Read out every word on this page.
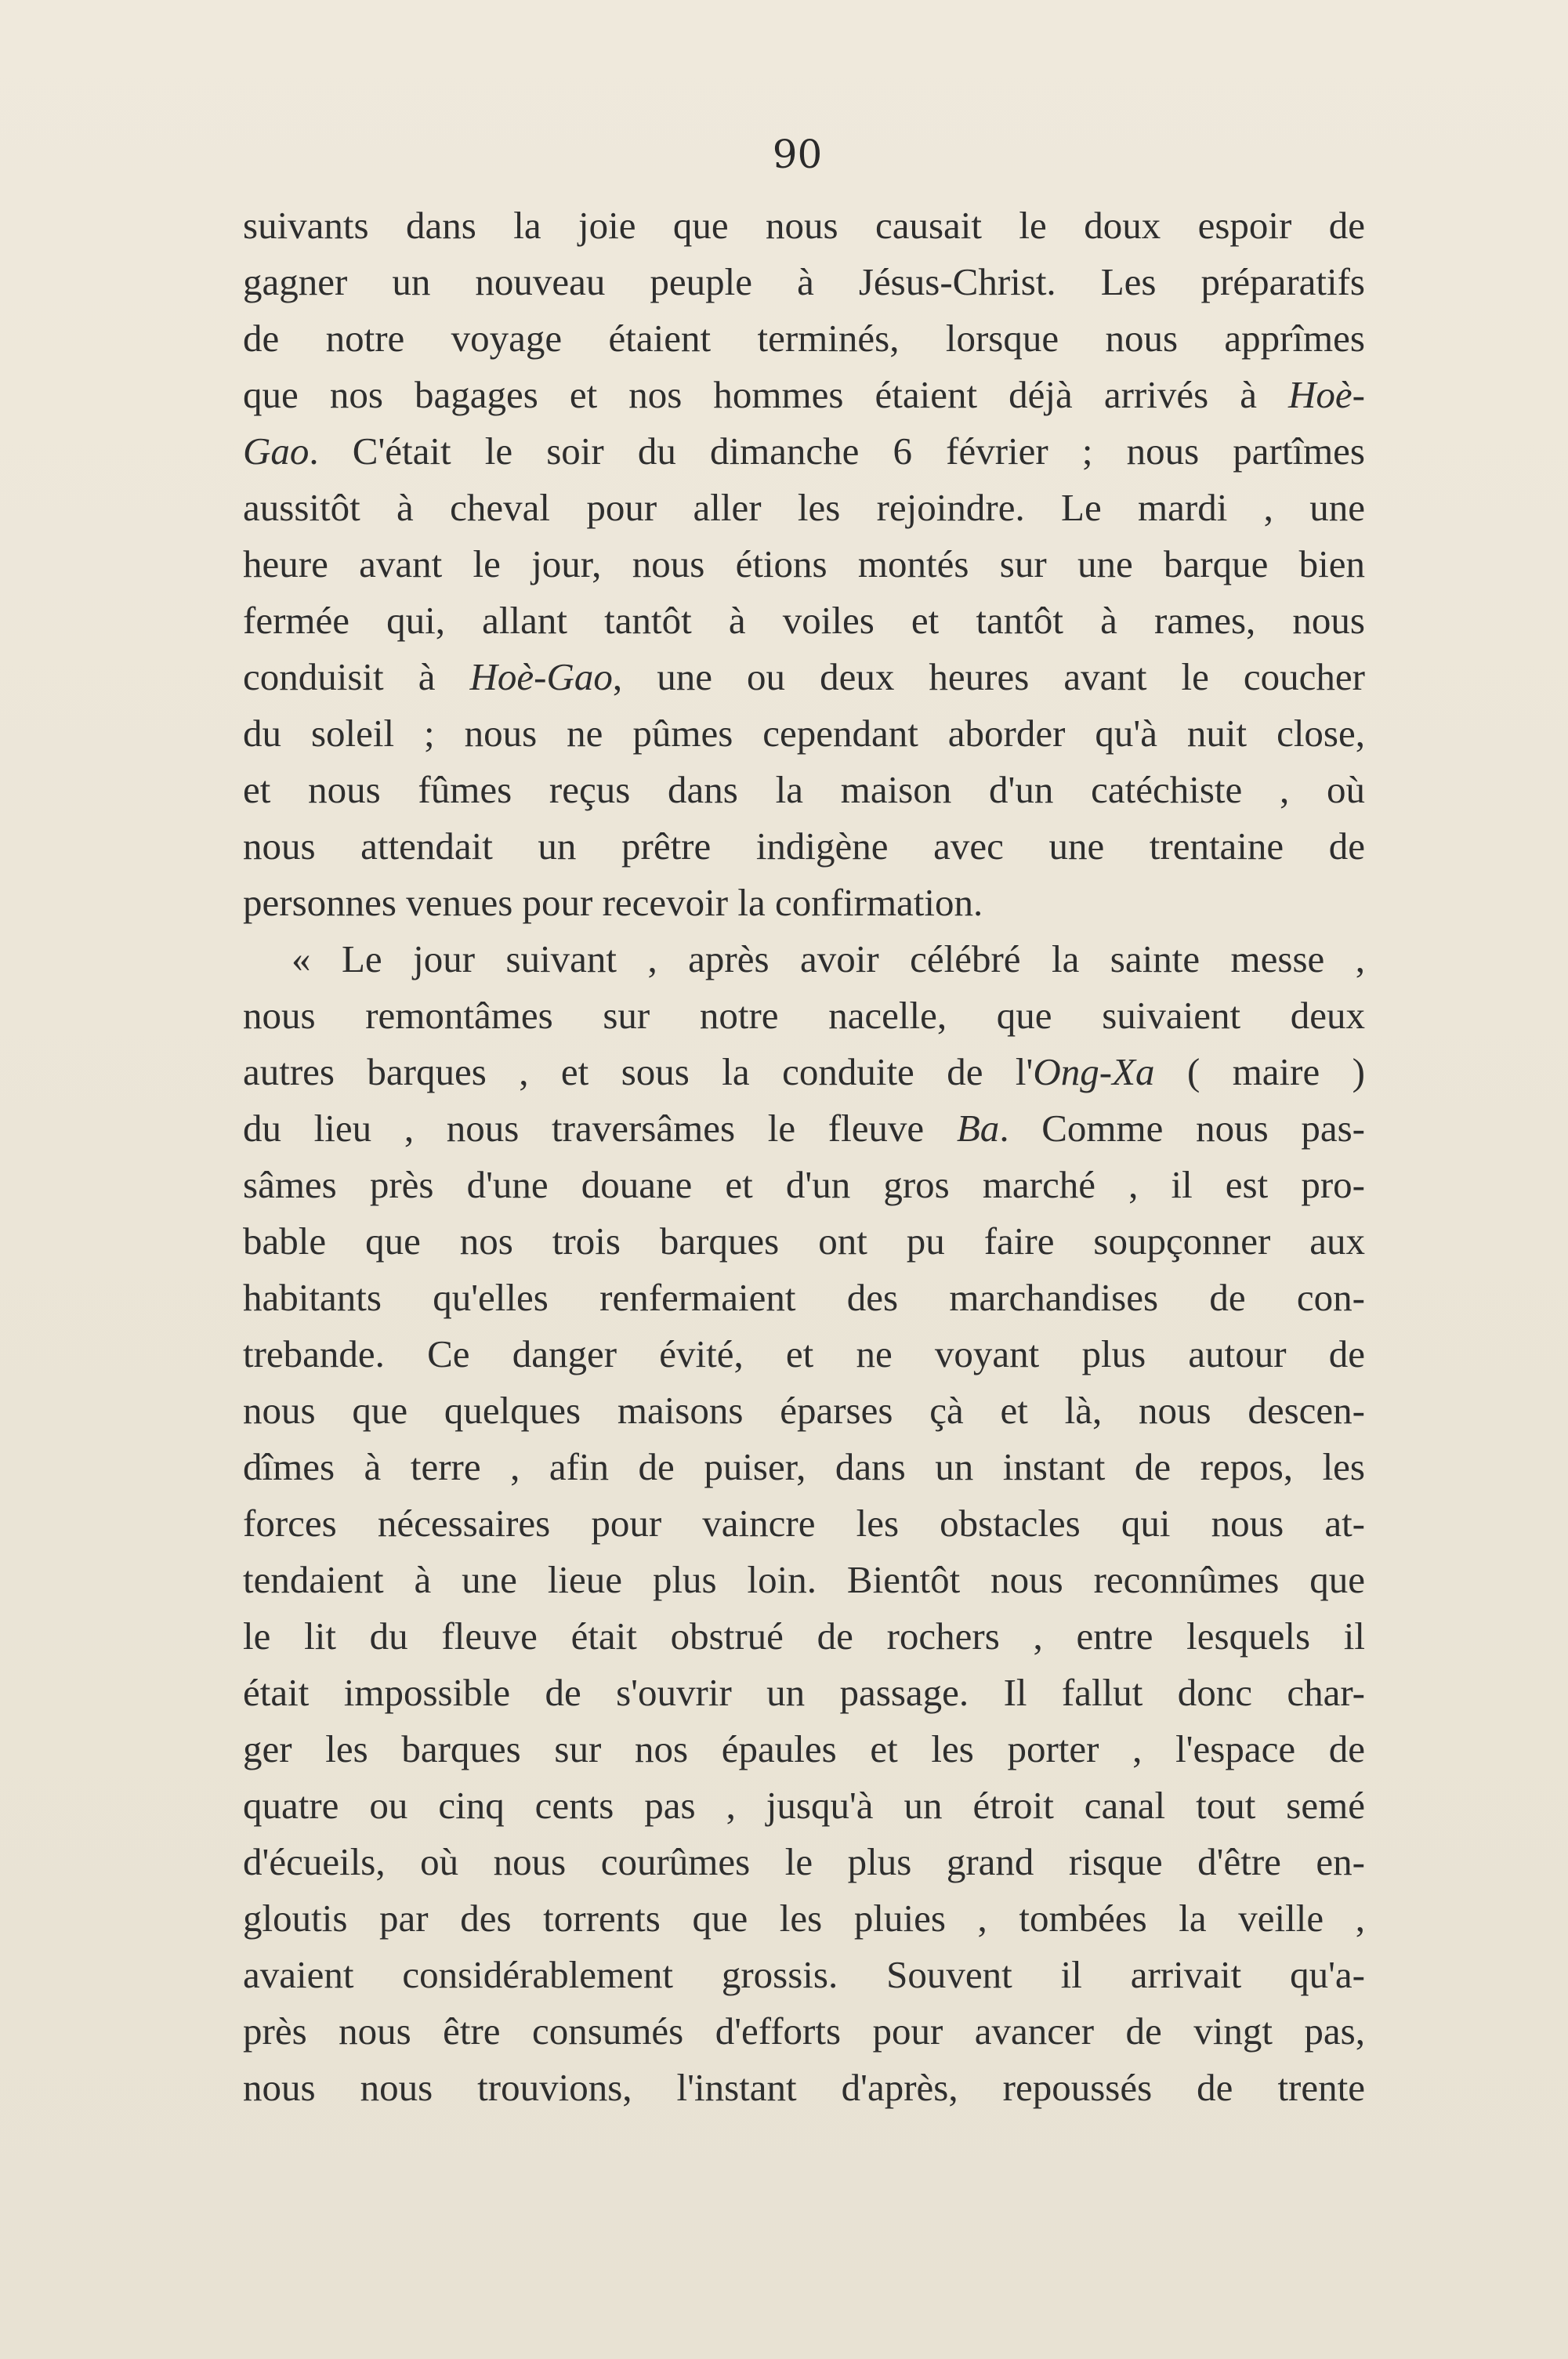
90
suivants dans la joie que nous causait le doux espoir de
gagner un nouveau peuple à Jésus-Christ. Les préparatifs
de notre voyage étaient terminés, lorsque nous apprîmes
que nos bagages et nos hommes étaient déjà arrivés à Hoè-
Gao. C'était le soir du dimanche 6 février ; nous partîmes
aussitôt à cheval pour aller les rejoindre. Le mardi , une
heure avant le jour, nous étions montés sur une barque bien
fermée qui, allant tantôt à voiles et tantôt à rames, nous
conduisit à Hoè-Gao, une ou deux heures avant le coucher
du soleil ; nous ne pûmes cependant aborder qu'à nuit close,
et nous fûmes reçus dans la maison d'un catéchiste , où
nous attendait un prêtre indigène avec une trentaine de
personnes venues pour recevoir la confirmation.
« Le jour suivant , après avoir célébré la sainte messe ,
nous remontâmes sur notre nacelle, que suivaient deux
autres barques , et sous la conduite de l'Ong-Xa ( maire )
du lieu , nous traversâmes le fleuve Ba. Comme nous pas-
sâmes près d'une douane et d'un gros marché , il est pro-
bable que nos trois barques ont pu faire soupçonner aux
habitants qu'elles renfermaient des marchandises de con-
trebande. Ce danger évité, et ne voyant plus autour de
nous que quelques maisons éparses çà et là, nous descen-
dîmes à terre , afin de puiser, dans un instant de repos, les
forces nécessaires pour vaincre les obstacles qui nous at-
tendaient à une lieue plus loin. Bientôt nous reconnûmes que
le lit du fleuve était obstrué de rochers , entre lesquels il
était impossible de s'ouvrir un passage. Il fallut donc char-
ger les barques sur nos épaules et les porter , l'espace de
quatre ou cinq cents pas , jusqu'à un étroit canal tout semé
d'écueils, où nous courûmes le plus grand risque d'être en-
gloutis par des torrents que les pluies , tombées la veille ,
avaient considérablement grossis. Souvent il arrivait qu'a-
près nous être consumés d'efforts pour avancer de vingt pas,
nous nous trouvions, l'instant d'après, repoussés de trente
